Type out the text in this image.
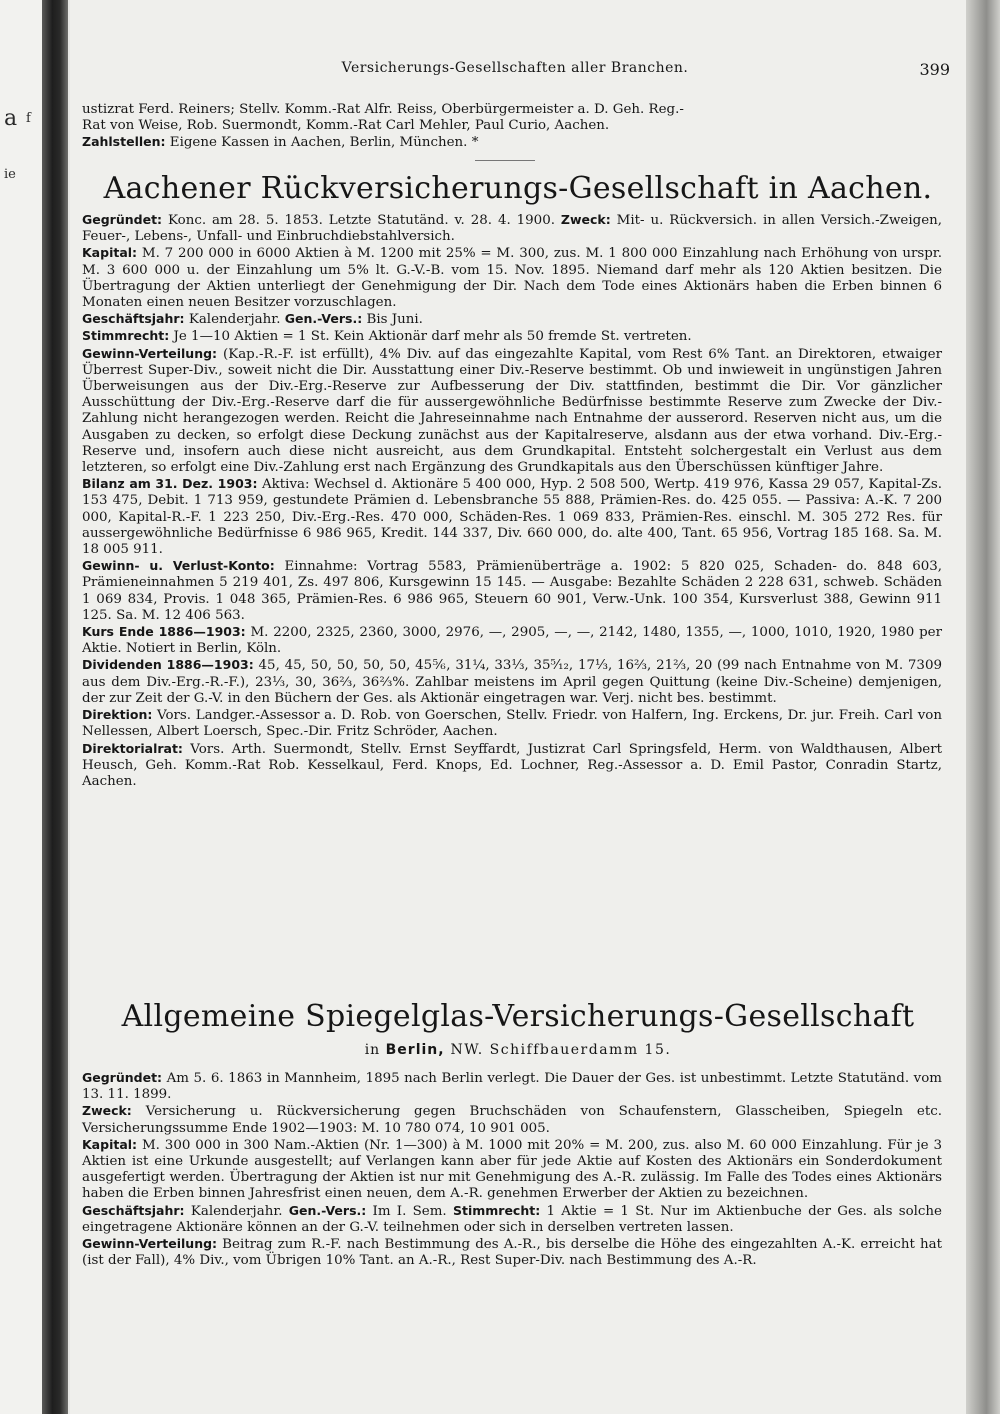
a f
ie
Versicherungs-Gesellschaften aller Branchen.	399

ustizrat Ferd. Reiners; Stellv. Komm.-Rat Alfr. Reiss, Oberbürgermeister a. D. Geh. Reg.-

Rat von Weise, Rob. Suermondt, Komm.-Rat Carl Mehler, Paul Curio, Aachen.

Zahlstellen: Eigene Kassen in Aachen, Berlin, München. *

Aachener Rückversicherungs-Gesellschaft in Aachen.

Gegründet: Konc. am 28. 5. 1853. Letzte Statutänd. v. 28. 4. 1900. Zweck: Mit- u. Rückversich. in allen Versich.-Zweigen, Feuer-, Lebens-, Unfall- und Einbruchdiebstahlversich.

Kapital: M. 7 200 000 in 6000 Aktien à M. 1200 mit 25% = M. 300, zus. M. 1 800 000 Einzahlung nach Erhöhung von urspr. M. 3 600 000 u. der Einzahlung um 5% lt. G.-V.-B. vom 15. Nov. 1895. Niemand darf mehr als 120 Aktien besitzen. Die Übertragung der Aktien unterliegt der Genehmigung der Dir. Nach dem Tode eines Aktionärs haben die Erben binnen 6 Monaten einen neuen Besitzer vorzuschlagen.

Geschäftsjahr: Kalenderjahr. Gen.-Vers.: Bis Juni.

Stimmrecht: Je 1—10 Aktien = 1 St. Kein Aktionär darf mehr als 50 fremde St. vertreten.

Gewinn-Verteilung: (Kap.-R.-F. ist erfüllt), 4% Div. auf das eingezahlte Kapital, vom Rest 6% Tant. an Direktoren, etwaiger Überrest Super-Div., soweit nicht die Dir. Ausstattung einer Div.-Reserve bestimmt. Ob und inwieweit in ungünstigen Jahren Überweisungen aus der Div.-Erg.-Reserve zur Aufbesserung der Div. stattfinden, bestimmt die Dir. Vor gänzlicher Ausschüttung der Div.-Erg.-Reserve darf die für aussergewöhnliche Bedürfnisse bestimmte Reserve zum Zwecke der Div.-Zahlung nicht herangezogen werden. Reicht die Jahreseinnahme nach Entnahme der ausserord. Reserven nicht aus, um die Ausgaben zu decken, so erfolgt diese Deckung zunächst aus der Kapitalreserve, alsdann aus der etwa vorhand. Div.-Erg.-Reserve und, insofern auch diese nicht ausreicht, aus dem Grundkapital. Entsteht solchergestalt ein Verlust aus dem letzteren, so erfolgt eine Div.-Zahlung erst nach Ergänzung des Grundkapitals aus den Überschüssen künftiger Jahre.

Bilanz am 31. Dez. 1903: Aktiva: Wechsel d. Aktionäre 5 400 000, Hyp. 2 508 500, Wertp. 419 976, Kassa 29 057, Kapital-Zs. 153 475, Debit. 1 713 959, gestundete Prämien d. Lebensbranche 55 888, Prämien-Res. do. 425 055. — Passiva: A.-K. 7 200 000, Kapital-R.-F. 1 223 250, Div.-Erg.-Res. 470 000, Schäden-Res. 1 069 833, Prämien-Res. einschl. M. 305 272 Res. für aussergewöhnliche Bedürfnisse 6 986 965, Kredit. 144 337, Div. 660 000, do. alte 400, Tant. 65 956, Vortrag 185 168. Sa. M. 18 005 911.

Gewinn- u. Verlust-Konto: Einnahme: Vortrag 5583, Prämienüberträge a. 1902: 5 820 025, Schaden- do. 848 603, Prämieneinnahmen 5 219 401, Zs. 497 806, Kursgewinn 15 145. — Ausgabe: Bezahlte Schäden 2 228 631, schweb. Schäden 1 069 834, Provis. 1 048 365, Prämien-Res. 6 986 965, Steuern 60 901, Verw.-Unk. 100 354, Kursverlust 388, Gewinn 911 125. Sa. M. 12 406 563.

Kurs Ende 1886—1903: M. 2200, 2325, 2360, 3000, 2976, —, 2905, —, —, 2142, 1480, 1355, —, 1000, 1010, 1920, 1980 per Aktie. Notiert in Berlin, Köln.

Dividenden 1886—1903: 45, 45, 50, 50, 50, 50, 45⅚, 31¼, 33⅓, 35⁵⁄₁₂, 17⅓, 16⅔, 21⅔, 20 (99 nach Entnahme von M. 7309 aus dem Div.-Erg.-R.-F.), 23⅓, 30, 36⅔, 36⅔%. Zahlbar meistens im April gegen Quittung (keine Div.-Scheine) demjenigen, der zur Zeit der G.-V. in den Büchern der Ges. als Aktionär eingetragen war. Verj. nicht bes. bestimmt.

Direktion: Vors. Landger.-Assessor a. D. Rob. von Goerschen, Stellv. Friedr. von Halfern, Ing. Erckens, Dr. jur. Freih. Carl von Nellessen, Albert Loersch, Spec.-Dir. Fritz Schröder, Aachen.

Direktorialrat: Vors. Arth. Suermondt, Stellv. Ernst Seyffardt, Justizrat Carl Springsfeld, Herm. von Waldthausen, Albert Heusch, Geh. Komm.-Rat Rob. Kesselkaul, Ferd. Knops, Ed. Lochner, Reg.-Assessor a. D. Emil Pastor, Conradin Startz, Aachen.

Allgemeine Spiegelglas-Versicherungs-Gesellschaft
in Berlin, NW. Schiffbauerdamm 15.

Gegründet: Am 5. 6. 1863 in Mannheim, 1895 nach Berlin verlegt. Die Dauer der Ges. ist unbestimmt. Letzte Statutänd. vom 13. 11. 1899.

Zweck: Versicherung u. Rückversicherung gegen Bruchschäden von Schaufenstern, Glasscheiben, Spiegeln etc. Versicherungssumme Ende 1902—1903: M. 10 780 074, 10 901 005.

Kapital: M. 300 000 in 300 Nam.-Aktien (Nr. 1—300) à M. 1000 mit 20% = M. 200, zus. also M. 60 000 Einzahlung. Für je 3 Aktien ist eine Urkunde ausgestellt; auf Verlangen kann aber für jede Aktie auf Kosten des Aktionärs ein Sonderdokument ausgefertigt werden. Übertragung der Aktien ist nur mit Genehmigung des A.-R. zulässig. Im Falle des Todes eines Aktionärs haben die Erben binnen Jahresfrist einen neuen, dem A.-R. genehmen Erwerber der Aktien zu bezeichnen.

Geschäftsjahr: Kalenderjahr. Gen.-Vers.: Im I. Sem. Stimmrecht: 1 Aktie = 1 St. Nur im Aktienbuche der Ges. als solche eingetragene Aktionäre können an der G.-V. teilnehmen oder sich in derselben vertreten lassen.

Gewinn-Verteilung: Beitrag zum R.-F. nach Bestimmung des A.-R., bis derselbe die Höhe des eingezahlten A.-K. erreicht hat (ist der Fall), 4% Div., vom Übrigen 10% Tant. an A.-R., Rest Super-Div. nach Bestimmung des A.-R.
